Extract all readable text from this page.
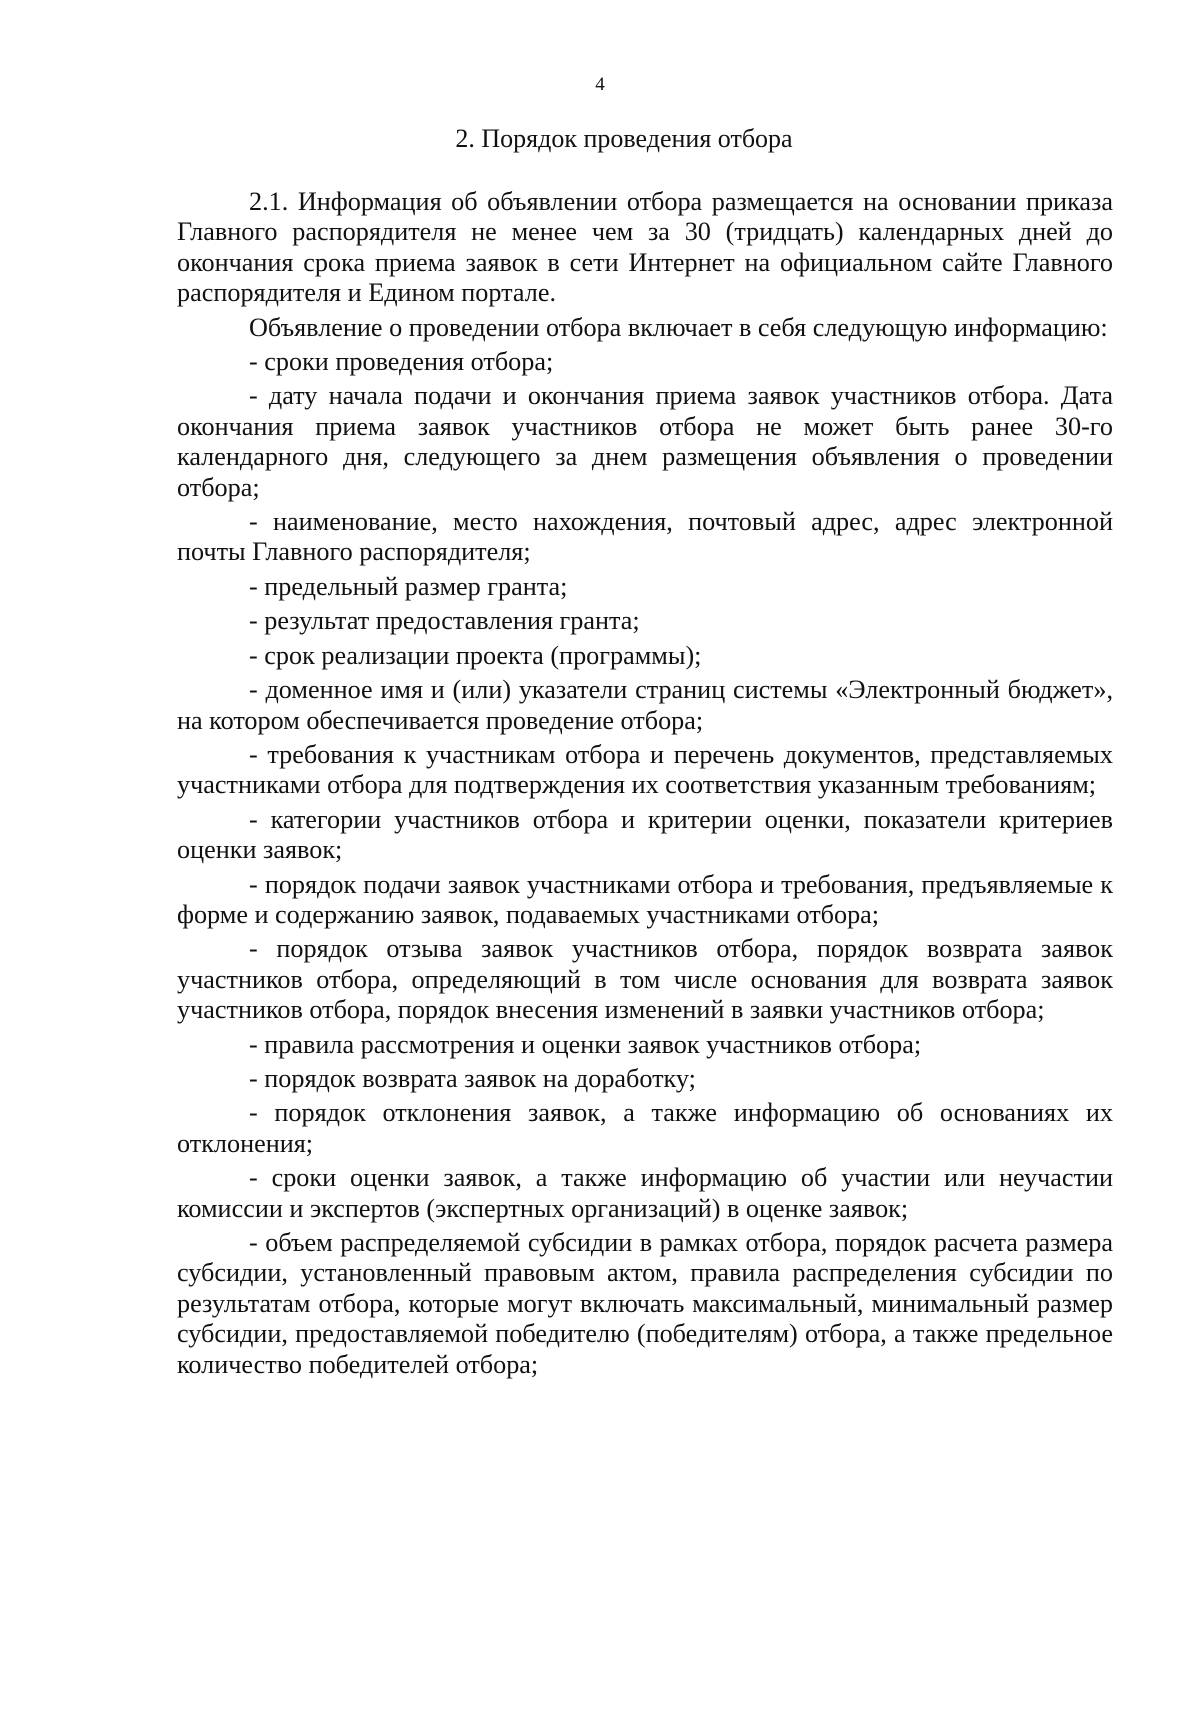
4
2. Порядок проведения отбора

2.1. Информация об объявлении отбора размещается на основании приказа Главного распорядителя не менее чем за 30 (тридцать) календарных дней до окончания срока приема заявок в сети Интернет на официальном сайте Главного распорядителя и Едином портале.

Объявление о проведении отбора включает в себя следующую информацию:

- сроки проведения отбора;

- дату начала подачи и окончания приема заявок участников отбора. Дата окончания приема заявок участников отбора не может быть ранее 30-го календарного дня, следующего за днем размещения объявления о проведении отбора;

- наименование, место нахождения, почтовый адрес, адрес электронной почты Главного распорядителя;

- предельный размер гранта;

- результат предоставления гранта;

- срок реализации проекта (программы);

- доменное имя и (или) указатели страниц системы «Электронный бюджет», на котором обеспечивается проведение отбора;

- требования к участникам отбора и перечень документов, представляемых участниками отбора для подтверждения их соответствия указанным требованиям;

- категории участников отбора и критерии оценки, показатели критериев оценки заявок;

- порядок подачи заявок участниками отбора и требования, предъявляемые к форме и содержанию заявок, подаваемых участниками отбора;

- порядок отзыва заявок участников отбора, порядок возврата заявок участников отбора, определяющий в том числе основания для возврата заявок участников отбора, порядок внесения изменений в заявки участников отбора;

- правила рассмотрения и оценки заявок участников отбора;

- порядок возврата заявок на доработку;

- порядок отклонения заявок, а также информацию об основаниях их отклонения;

- сроки оценки заявок, а также информацию об участии или неучастии комиссии и экспертов (экспертных организаций) в оценке заявок;

- объем распределяемой субсидии в рамках отбора, порядок расчета размера субсидии, установленный правовым актом, правила распределения субсидии по результатам отбора, которые могут включать максимальный, минимальный размер субсидии, предоставляемой победителю (победителям) отбора, а также предельное количество победителей отбора;
